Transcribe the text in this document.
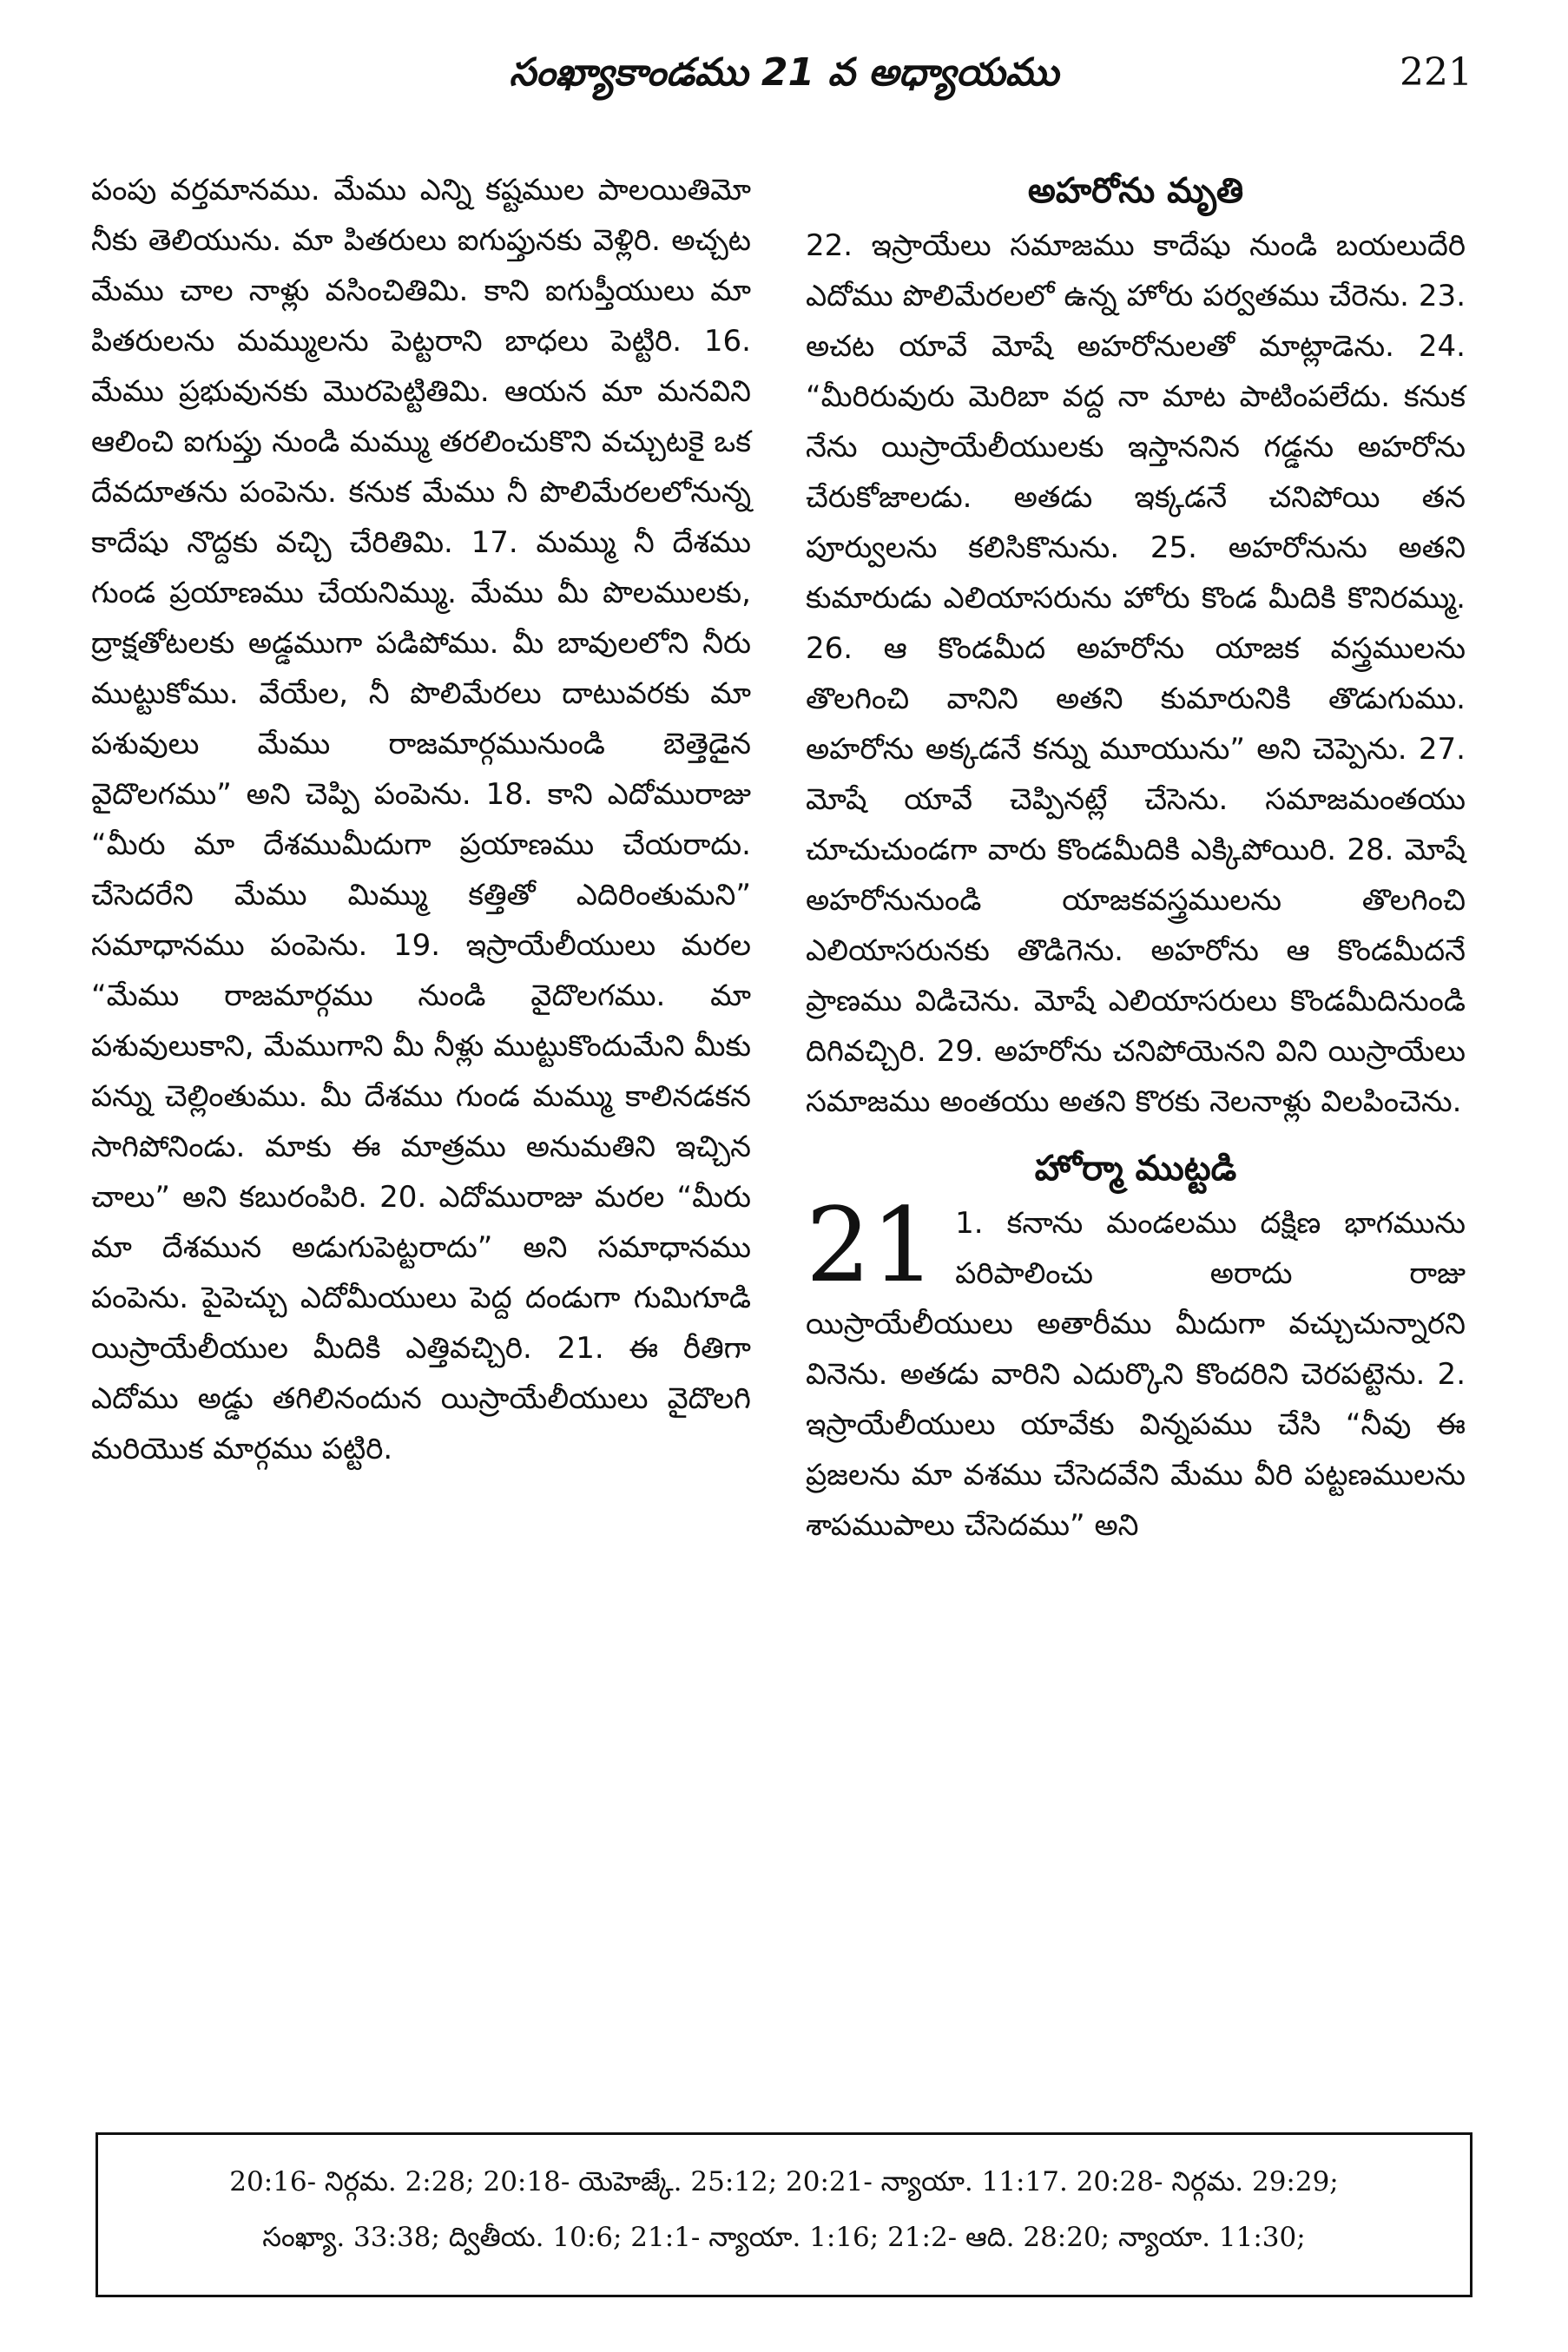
సంఖ్యాకాండము 21 వ అధ్యాయము	221

పంపు వర్తమానము. మేము ఎన్ని కష్టముల పాలయితిమో నీకు తెలియును. మా పితరులు ఐగుప్తునకు వెళ్లిరి. అచ్చట మేము చాల నాళ్లు వసించితివిు. కాని ఐగుప్తీయులు మా పితరులను మమ్ములను పెట్టరాని బాధలు పెట్టిరి. 16. మేము ప్రభువునకు మొరపెట్టితిమి. ఆయన మా మనవిని ఆలించి ఐగుప్తు నుండి మమ్ము తరలించుకొని వచ్చుటకై ఒక దేవదూతను పంపెను. కనుక మేము నీ పొలిమేరలలోనున్న కాదేషు నొద్దకు వచ్చి చేరితిమి. 17. మమ్ము నీ దేశము గుండ ప్రయాణము చేయనిమ్ము. మేము మీ పొలములకు, ద్రాక్షతోటలకు అడ్డముగా పడిపోము. మీ బావులలోని నీరు ముట్టుకోము. వేయేల, నీ పొలిమేరలు దాటువరకు మా పశువులు మేము రాజమార్గమునుండి బెత్తెడైన వైదొలగము” అని చెప్పి పంపెను. 18. కాని ఎదోమురాజు “మీరు మా దేశముమీదుగా ప్రయాణము చేయరాదు. చేసెదరేని మేము మిమ్ము కత్తితో ఎదిరింతుమని” సమాధానము పంపెను. 19. ఇస్రాయేలీయులు మరల “మేము రాజమార్గము నుండి వైదొలగము. మా పశువులుకాని, మేముగాని మీ నీళ్లు ముట్టుకొందుమేని మీకు పన్ను చెల్లింతుము. మీ దేశము గుండ మమ్ము కాలినడకన సాగిపోనిండు. మాకు ఈ మాత్రము అనుమతిని ఇచ్చిన చాలు” అని కబురంపిరి. 20. ఎదోమురాజు మరల “మీరు మా దేశమున అడుగుపెట్టరాదు” అని సమాధానము పంపెను. పైపెచ్చు ఎదోమీయులు పెద్ద దండుగా గుమిగూడి యిస్రాయేలీయుల మీదికి ఎత్తివచ్చిరి. 21. ఈ రీతిగా ఎదోము అడ్డు తగిలినందున యిస్రాయేలీయులు వైదొలగి మరియొక మార్గము పట్టిరి.

అహరోను మృతి

22. ఇస్రాయేలు సమాజము కాదేషు నుండి బయలుదేరి ఎదోము పొలిమేరలలో ఉన్న హోరు పర్వతము చేరెను. 23. అచట యావే మోషే అహరోనులతో మాట్లాడెను. 24. “మీరిరువురు మెరిబా వద్ద నా మాట పాటింపలేదు. కనుక నేను యిస్రాయేలీయులకు ఇస్తాననిన గడ్డను అహరోను చేరుకోజాలడు. అతడు ఇక్కడనే చనిపోయి తన పూర్వులను కలిసికొనును. 25. అహరోనును అతని కుమారుడు ఎలియాసరును హోరు కొండ మీదికి కొనిరమ్ము. 26. ఆ కొండమీద అహరోను యాజక వస్త్రములను తొలగించి వానిని అతని కుమారునికి తొడుగుము. అహరోను అక్కడనే కన్ను మూయును” అని చెప్పెను. 27. మోషే యావే చెప్పినట్లే చేసెను. సమాజమంతయు చూచుచుండగా వారు కొండమీదికి ఎక్కిపోయిరి. 28. మోషే అహరోనునుండి యాజకవస్త్రములను తొలగించి ఎలియాసరునకు తొడిగెను. అహరోను ఆ కొండమీదనే ప్రాణము విడిచెను. మోషే ఎలియాసరులు కొండమీదినుండి దిగివచ్చిరి. 29. అహరోను చనిపోయెనని విని యిస్రాయేలు సమాజము అంతయు అతని కొరకు నెలనాళ్లు విలపించెను.

హోర్మా ముట్టడి

21 1. కనాను మండలము దక్షిణ భాగమును పరిపాలించు అరాదు రాజు యిస్రాయేలీయులు అతారీము మీదుగా వచ్చుచున్నారని వినెను. అతడు వారిని ఎదుర్కొని కొందరిని చెరపట్టెను. 2. ఇస్రాయేలీయులు యావేకు విన్నపము చేసి “నీవు ఈ ప్రజలను మా వశము చేసెదవేని మేము వీరి పట్టణములను శాపముపాలు చేసెదము” అని

20:16- నిర్గమ. 2:28; 20:18- యెహెజ్కే. 25:12; 20:21- న్యాయా. 11:17. 20:28- నిర్గమ. 29:29;
సంఖ్యా. 33:38; ద్వితీయ. 10:6; 21:1- న్యాయా. 1:16; 21:2- ఆది. 28:20; న్యాయా. 11:30;
